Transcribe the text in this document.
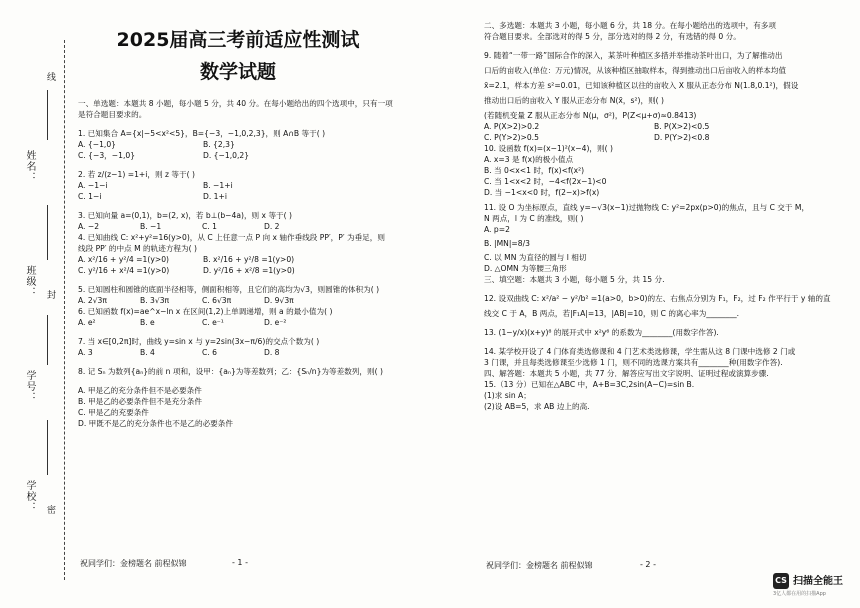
线
封
密
姓名：
班级：
学号：
学校：
2025届高三考前适应性测试
数学试题

一、单选题：本题共 8 小题，每小题 5 分，共 40 分。在每小题给出的四个选项中，只有一项

是符合题目要求的。

1. 已知集合 A={x|−5<x²<5}，B={−3，−1,0,2,3}，则 A∩B 等于( )

A. {−1,0}	B. {2,3}
C. {−3，−1,0}	D. {−1,0,2}

2. 若 z/(z−1) =1+i，则 z 等于( )

A. −1−i	B. −1+i
C. 1−i	D. 1+i

3. 已知向量 a=(0,1)，b=(2, x)，若 b⊥(b−4a)，则 x 等于( )

A. −2	B. −1	C. 1	D. 2

4. 已知曲线 C: x²+y²=16(y>0)，从 C 上任意一点 P 向 x 轴作垂线段 PP′，P′ 为垂足，则

线段 PP′ 的中点 M 的轨迹方程为( )

A. x²/16 + y²/4 =1(y>0)	B. x²/16 + y²/8 =1(y>0)
C. y²/16 + x²/4 =1(y>0)	D. y²/16 + x²/8 =1(y>0)

5. 已知圆柱和圆锥的底面半径相等，侧面积相等，且它们的高均为√3，则圆锥的体积为( )

A. 2√3π	B. 3√3π	C. 6√3π	D. 9√3π

6. 已知函数 f(x)=ae^x−ln x 在区间(1,2)上单调递增，则 a 的最小值为( )

A. e²	B. e	C. e⁻¹	D. e⁻²

7. 当 x∈[0,2π]时，曲线 y=sin x 与 y=2sin(3x−π/6)的交点个数为( )

A. 3	B. 4	C. 6	D. 8

8. 记 Sₙ 为数列{aₙ}的前 n 项和，设甲：{aₙ}为等差数列；乙：{Sₙ/n}为等差数列，则( )

A. 甲是乙的充分条件但不是必要条件

B. 甲是乙的必要条件但不是充分条件

C. 甲是乙的充要条件

D. 甲既不是乙的充分条件也不是乙的必要条件

二、多选题：本题共 3 小题，每小题 6 分，共 18 分。在每小题给出的选项中，有多项

符合题目要求。全部选对的得 5 分，部分选对的得 2 分，有选错的得 0 分。

9. 随着“一带一路”国际合作的深入，某茶叶种植区多措并举推动茶叶出口，为了解推动出

口后的亩收入(单位：万元)情况，从该种植区抽取样本，得到推动出口后亩收入的样本均值

x̄=2.1，样本方差 s²=0.01，已知该种植区以往的亩收入 X 服从正态分布 N(1.8,0.1²)，假设

推动出口后的亩收入 Y 服从正态分布 N(x̄，s²)，则( )

(若随机变量 Z 服从正态分布 N(μ，σ²)，P(Z<μ+σ)≈0.8413)

A. P(X>2)>0.2	B. P(X>2)<0.5
C. P(Y>2)>0.5	D. P(Y>2)<0.8

10. 设函数 f(x)=(x−1)²(x−4)，则( )

A. x=3 是 f(x)的极小值点

B. 当 0<x<1 时，f(x)<f(x²)

C. 当 1<x<2 时，−4<f(2x−1)<0

D. 当 −1<x<0 时，f(2−x)>f(x)

11. 设 O 为坐标原点，直线 y=−√3(x−1)过抛物线 C: y²=2px(p>0)的焦点，且与 C 交于 M，

N 两点，l 为 C 的准线，则( )

A. p=2

B. |MN|=8/3

C. 以 MN 为直径的圆与 l 相切

D. △OMN 为等腰三角形

三、填空题：本题共 3 小题，每小题 5 分，共 15 分.

12. 设双曲线 C: x²/a² − y²/b² =1(a>0，b>0)的左、右焦点分别为 F₁，F₂，过 F₂ 作平行于 y 轴的直

线交 C 于 A，B 两点，若|F₁A|=13，|AB|=10，则 C 的离心率为________.

13. (1−y/x)(x+y)⁸ 的展开式中 x²y⁶ 的系数为________(用数字作答).

14. 某学校开设了 4 门体育类选修课和 4 门艺术类选修课，学生需从这 8 门课中选修 2 门或

3 门课，并且每类选修课至少选修 1 门，则不同的选课方案共有________种(用数字作答).

四、解答题：本题共 5 小题，共 77 分．解答应写出文字说明、证明过程或演算步骤.

15.（13 分）已知在△ABC 中，A+B=3C,2sin(A−C)=sin B.

(1)求 sin A；

(2)设 AB=5，求 AB 边上的高.

祝同学们：金榜题名 前程似锦	- 1 -	祝同学们：金榜题名 前程似锦	- 2 -
CS 扫描全能王
3亿人都在用的扫描App
